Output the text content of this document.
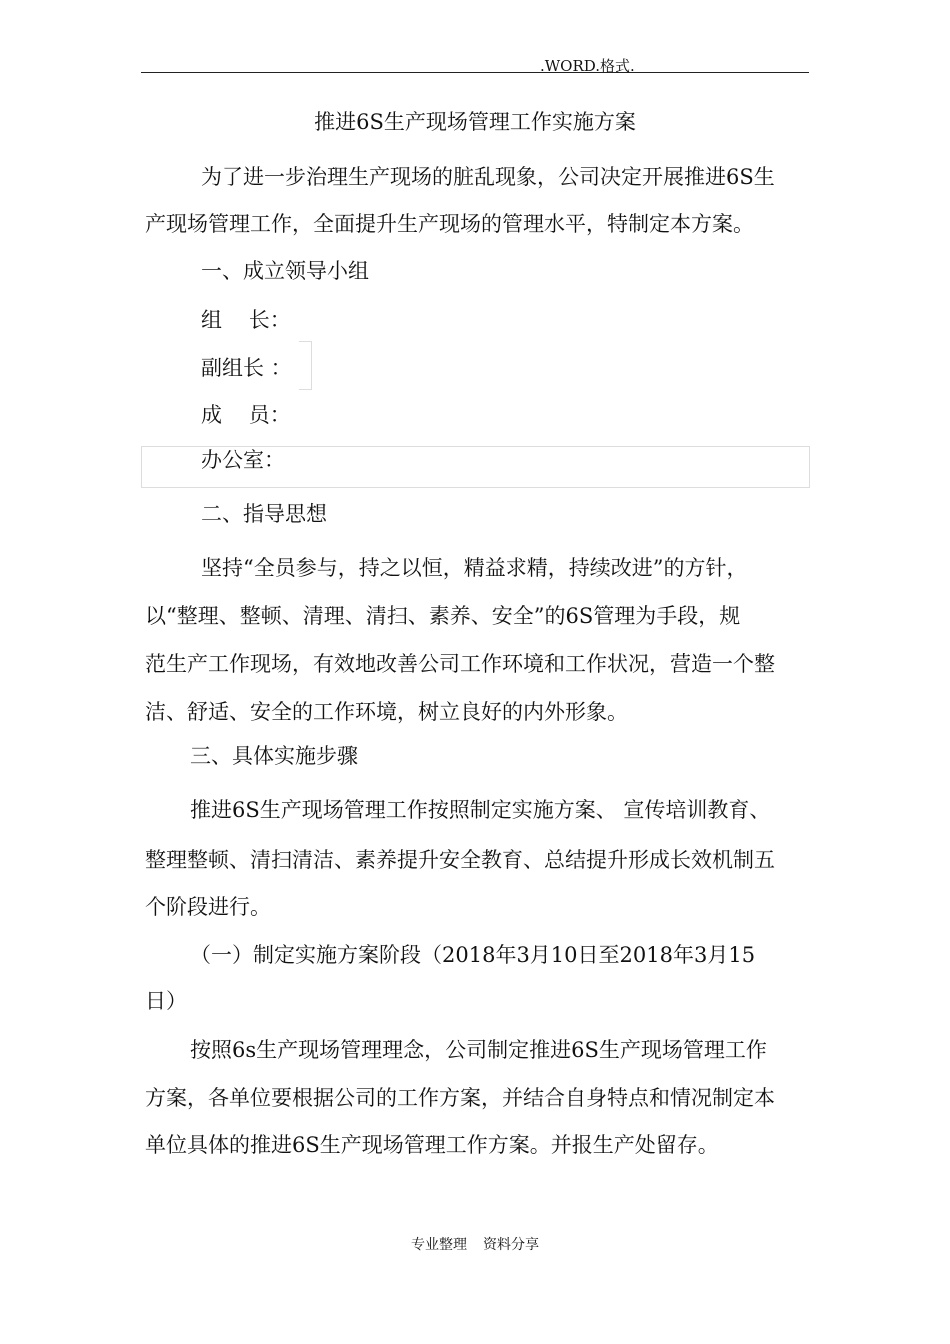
.WORD.格式.
推进6S生产现场管理工作实施方案
为了进一步治理生产现场的脏乱现象，公司决定开展推进6S生
产现场管理工作，全面提升生产现场的管理水平，特制定本方案。
一、成立领导小组
组    长：
副组长 ：
成    员：
办公室：
二、指导思想
坚持“全员参与，持之以恒，精益求精，持续改进”的方针，
以“整理、整顿、清理、清扫、素养、安全”的6S管理为手段，规
范生产工作现场，有效地改善公司工作环境和工作状况，营造一个整
洁、舒适、安全的工作环境，树立良好的内外形象。
三、具体实施步骤
推进6S生产现场管理工作按照制定实施方案、 宣传培训教育、
整理整顿、清扫清洁、素养提升安全教育、总结提升形成长效机制五
个阶段进行。
（一）制定实施方案阶段（2018年3月10日至2018年3月15
日）
按照6s生产现场管理理念，公司制定推进6S生产现场管理工作
方案，各单位要根据公司的工作方案，并结合自身特点和情况制定本
单位具体的推进6S生产现场管理工作方案。并报生产处留存。
专业整理 资料分享
